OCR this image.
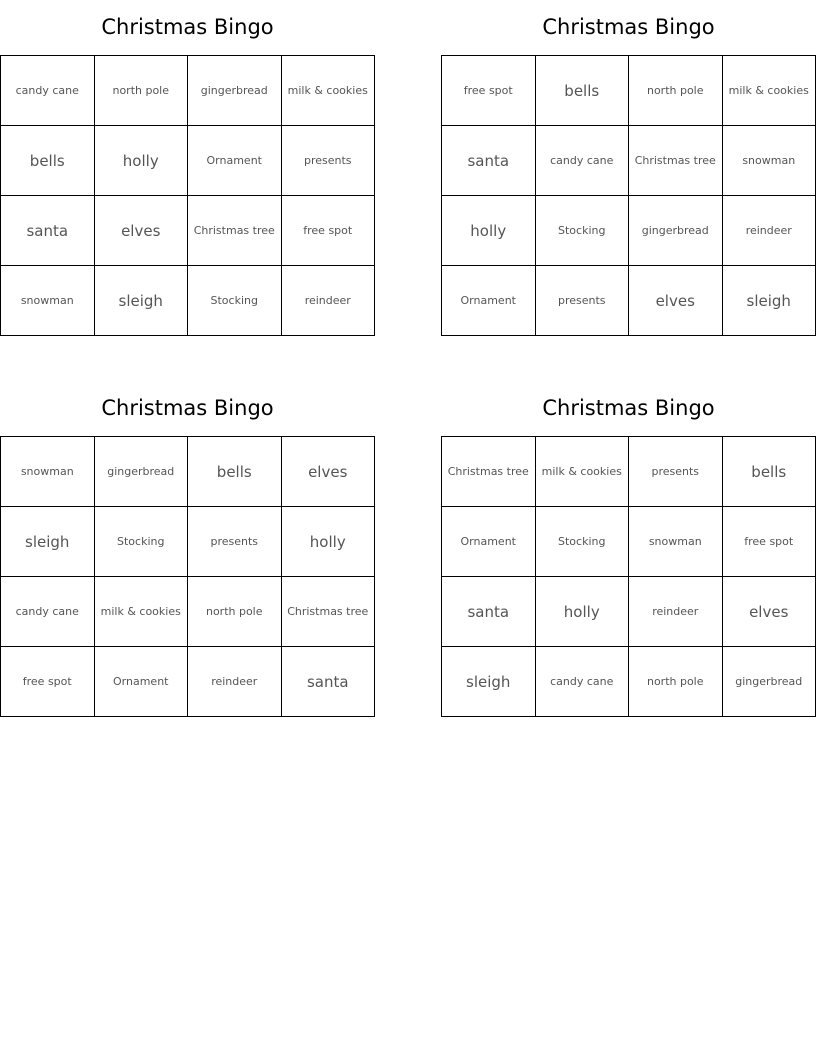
Christmas Bingo
candy cane	north pole	gingerbread	milk & cookies
bells	holly	Ornament	presents
santa	elves	Christmas tree	free spot
snowman	sleigh	Stocking	reindeer
Christmas Bingo
free spot	bells	north pole	milk & cookies
santa	candy cane	Christmas tree	snowman
holly	Stocking	gingerbread	reindeer
Ornament	presents	elves	sleigh
Christmas Bingo
snowman	gingerbread	bells	elves
sleigh	Stocking	presents	holly
candy cane	milk & cookies	north pole	Christmas tree
free spot	Ornament	reindeer	santa
Christmas Bingo
Christmas tree	milk & cookies	presents	bells
Ornament	Stocking	snowman	free spot
santa	holly	reindeer	elves
sleigh	candy cane	north pole	gingerbread
